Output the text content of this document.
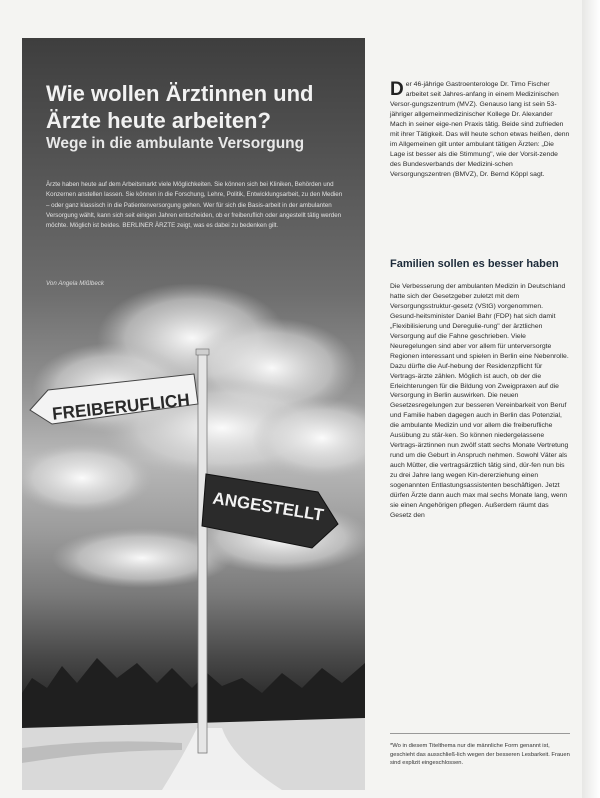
FREIBERUFLICH
ANGESTELLT
Wie wollen Ärztinnen und Ärzte heute arbeiten?
Wege in die ambulante Versorgung

Ärzte haben heute auf dem Arbeitsmarkt viele Möglichkeiten. Sie können sich bei Kliniken, Behörden und Konzernen anstellen lassen. Sie können in die Forschung, Lehre, Politik, Entwicklungsarbeit, zu den Medien – oder ganz klassisch in die Patientenversorgung gehen. Wer für sich die Basis-arbeit in der ambulanten Versorgung wählt, kann sich seit einigen Jahren entscheiden, ob er freiberuflich oder angestellt tätig werden möchte. Möglich ist beides. BERLINER ÄRZTE zeigt, was es dabei zu bedenken gilt.

Von Angela Mißlbeck

D er 46-jährige Gastroenterologe Dr. Timo Fischer arbeitet seit Jahres-anfang in einem Medizinischen Versor-gungszentrum (MVZ). Genauso lang ist sein 53-jähriger allgemeinmedizinischer Kollege Dr. Alexander Mach in seiner eige-nen Praxis tätig. Beide sind zufrieden mit ihrer Tätigkeit. Das will heute schon etwas heißen, denn im Allgemeinen gilt unter ambulant tätigen Ärzten: „Die Lage ist besser als die Stimmung", wie der Vorsit-zende des Bundesverbands der Medizini-schen Versorgungszentren (BMVZ), Dr. Bernd Köppl sagt.

Familien sollen es besser haben

Die Verbesserung der ambulanten Medizin in Deutschland hatte sich der Gesetzgeber zuletzt mit dem Versorgungsstruktur-gesetz (VStG) vorgenommen. Gesund-heitsminister Daniel Bahr (FDP) hat sich damit „Flexibilisierung und Deregulie-rung" der ärztlichen Versorgung auf die Fahne geschrieben. Viele Neuregelungen sind aber vor allem für unterversorgte Regionen interessant und spielen in Berlin eine Nebenrolle. Dazu dürfte die Auf-hebung der Residenzpflicht für Vertrags-ärzte zählen. Möglich ist auch, ob der die Erleichterungen für die Bildung von Zweigpraxen auf die Versorgung in Berlin auswirken. Die neuen Gesetzesregelungen zur besseren Vereinbarkeit von Beruf und Familie haben dagegen auch in Berlin das Potenzial, die ambulante Medizin und vor allem die freiberufliche Ausübung zu stär-ken. So können niedergelassene Vertrags-ärztinnen nun zwölf statt sechs Monate Vertretung rund um die Geburt in Anspruch nehmen. Sowohl Väter als auch Mütter, die vertragsärztlich tätig sind, dür-fen nun bis zu drei Jahre lang wegen Kin-dererziehung einen sogenannten Entlastungsassistenten beschäftigen. Jetzt dürfen Ärzte dann auch max mal sechs Monate lang, wenn sie einen Angehörigen pflegen. Außerdem räumt das Gesetz den

*Wo in diesem Titelthema nur die männliche Form genannt ist, geschieht das ausschließ-lich wegen der besseren Lesbarkeit. Frauen sind explizit eingeschlossen.
